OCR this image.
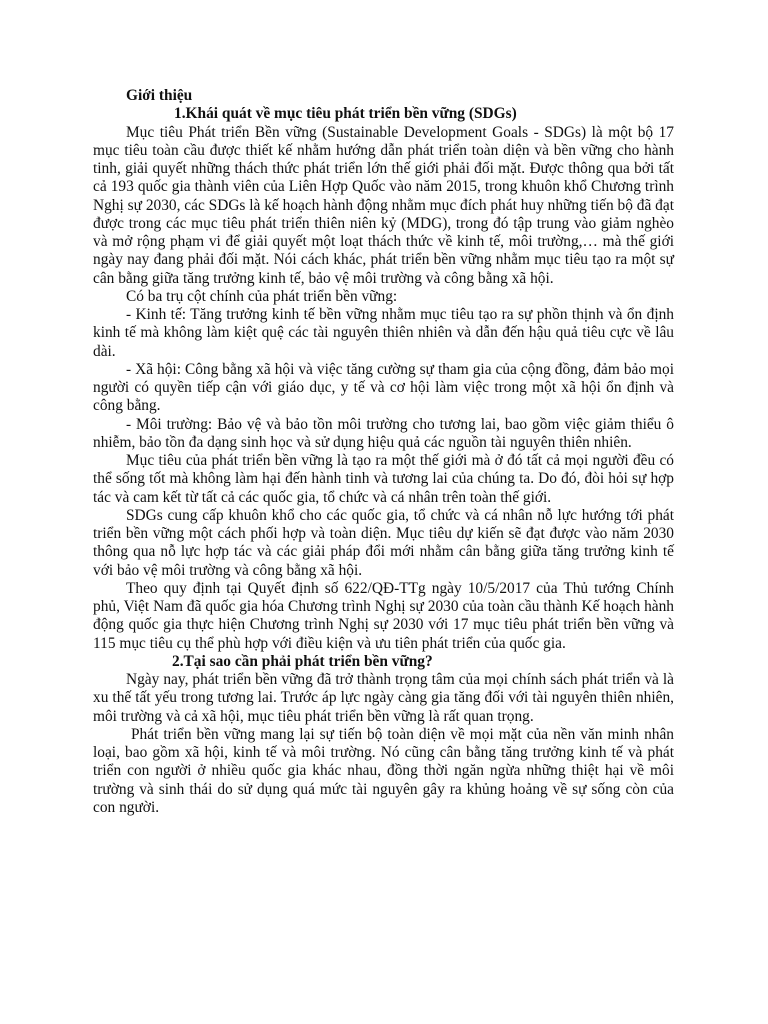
Giới thiệu
1.Khái quát về mục tiêu phát triển bền vững (SDGs)

Mục tiêu Phát triển Bền vững (Sustainable Development Goals - SDGs) là một bộ 17 mục tiêu toàn cầu được thiết kế nhằm hướng dẫn phát triển toàn diện và bền vững cho hành tinh, giải quyết những thách thức phát triển lớn thế giới phải đối mặt. Được thông qua bởi tất cả 193 quốc gia thành viên của Liên Hợp Quốc vào năm 2015, trong khuôn khổ Chương trình Nghị sự 2030, các SDGs là kế hoạch hành động nhằm mục đích phát huy những tiến bộ đã đạt được trong các mục tiêu phát triển thiên niên kỷ (MDG), trong đó tập trung vào giảm nghèo và mở rộng phạm vi để giải quyết một loạt thách thức về kinh tế, môi trường,… mà thế giới ngày nay đang phải đối mặt. Nói cách khác, phát triển bền vững nhằm mục tiêu tạo ra một sự cân bằng giữa tăng trưởng kinh tế, bảo vệ môi trường và công bằng xã hội.

Có ba trụ cột chính của phát triển bền vững:

- Kinh tế: Tăng trưởng kinh tế bền vững nhằm mục tiêu tạo ra sự phồn thịnh và ổn định kinh tế mà không làm kiệt quệ các tài nguyên thiên nhiên và dẫn đến hậu quả tiêu cực về lâu dài.

- Xã hội: Công bằng xã hội và việc tăng cường sự tham gia của cộng đồng, đảm bảo mọi người có quyền tiếp cận với giáo dục, y tế và cơ hội làm việc trong một xã hội ổn định và công bằng.

- Môi trường: Bảo vệ và bảo tồn môi trường cho tương lai, bao gồm việc giảm thiểu ô nhiễm, bảo tồn đa dạng sinh học và sử dụng hiệu quả các nguồn tài nguyên thiên nhiên.

Mục tiêu của phát triển bền vững là tạo ra một thế giới mà ở đó tất cả mọi người đều có thể sống tốt mà không làm hại đến hành tinh và tương lai của chúng ta. Do đó, đòi hỏi sự hợp tác và cam kết từ tất cả các quốc gia, tổ chức và cá nhân trên toàn thế giới.

SDGs cung cấp khuôn khổ cho các quốc gia, tổ chức và cá nhân nỗ lực hướng tới phát triển bền vững một cách phối hợp và toàn diện. Mục tiêu dự kiến sẽ đạt được vào năm 2030 thông qua nỗ lực hợp tác và các giải pháp đổi mới nhằm cân bằng giữa tăng trưởng kinh tế với bảo vệ môi trường và công bằng xã hội.

Theo quy định tại Quyết định số 622/QĐ-TTg ngày 10/5/2017 của Thủ tướng Chính phủ, Việt Nam đã quốc gia hóa Chương trình Nghị sự 2030 của toàn cầu thành Kế hoạch hành động quốc gia thực hiện Chương trình Nghị sự 2030 với 17 mục tiêu phát triển bền vững và 115 mục tiêu cụ thể phù hợp với điều kiện và ưu tiên phát triển của quốc gia.

2.Tại sao cần phải phát triển bền vững?

Ngày nay, phát triển bền vững đã trở thành trọng tâm của mọi chính sách phát triển và là xu thế tất yếu trong tương lai. Trước áp lực ngày càng gia tăng đối với tài nguyên thiên nhiên, môi trường và cả xã hội, mục tiêu phát triển bền vững là rất quan trọng.

Phát triển bền vững mang lại sự tiến bộ toàn diện về mọi mặt của nền văn minh nhân loại, bao gồm xã hội, kinh tế và môi trường. Nó cũng cân bằng tăng trưởng kinh tế và phát triển con người ở nhiều quốc gia khác nhau, đồng thời ngăn ngừa những thiệt hại về môi trường và sinh thái do sử dụng quá mức tài nguyên gây ra khủng hoảng về sự sống còn của con người.
